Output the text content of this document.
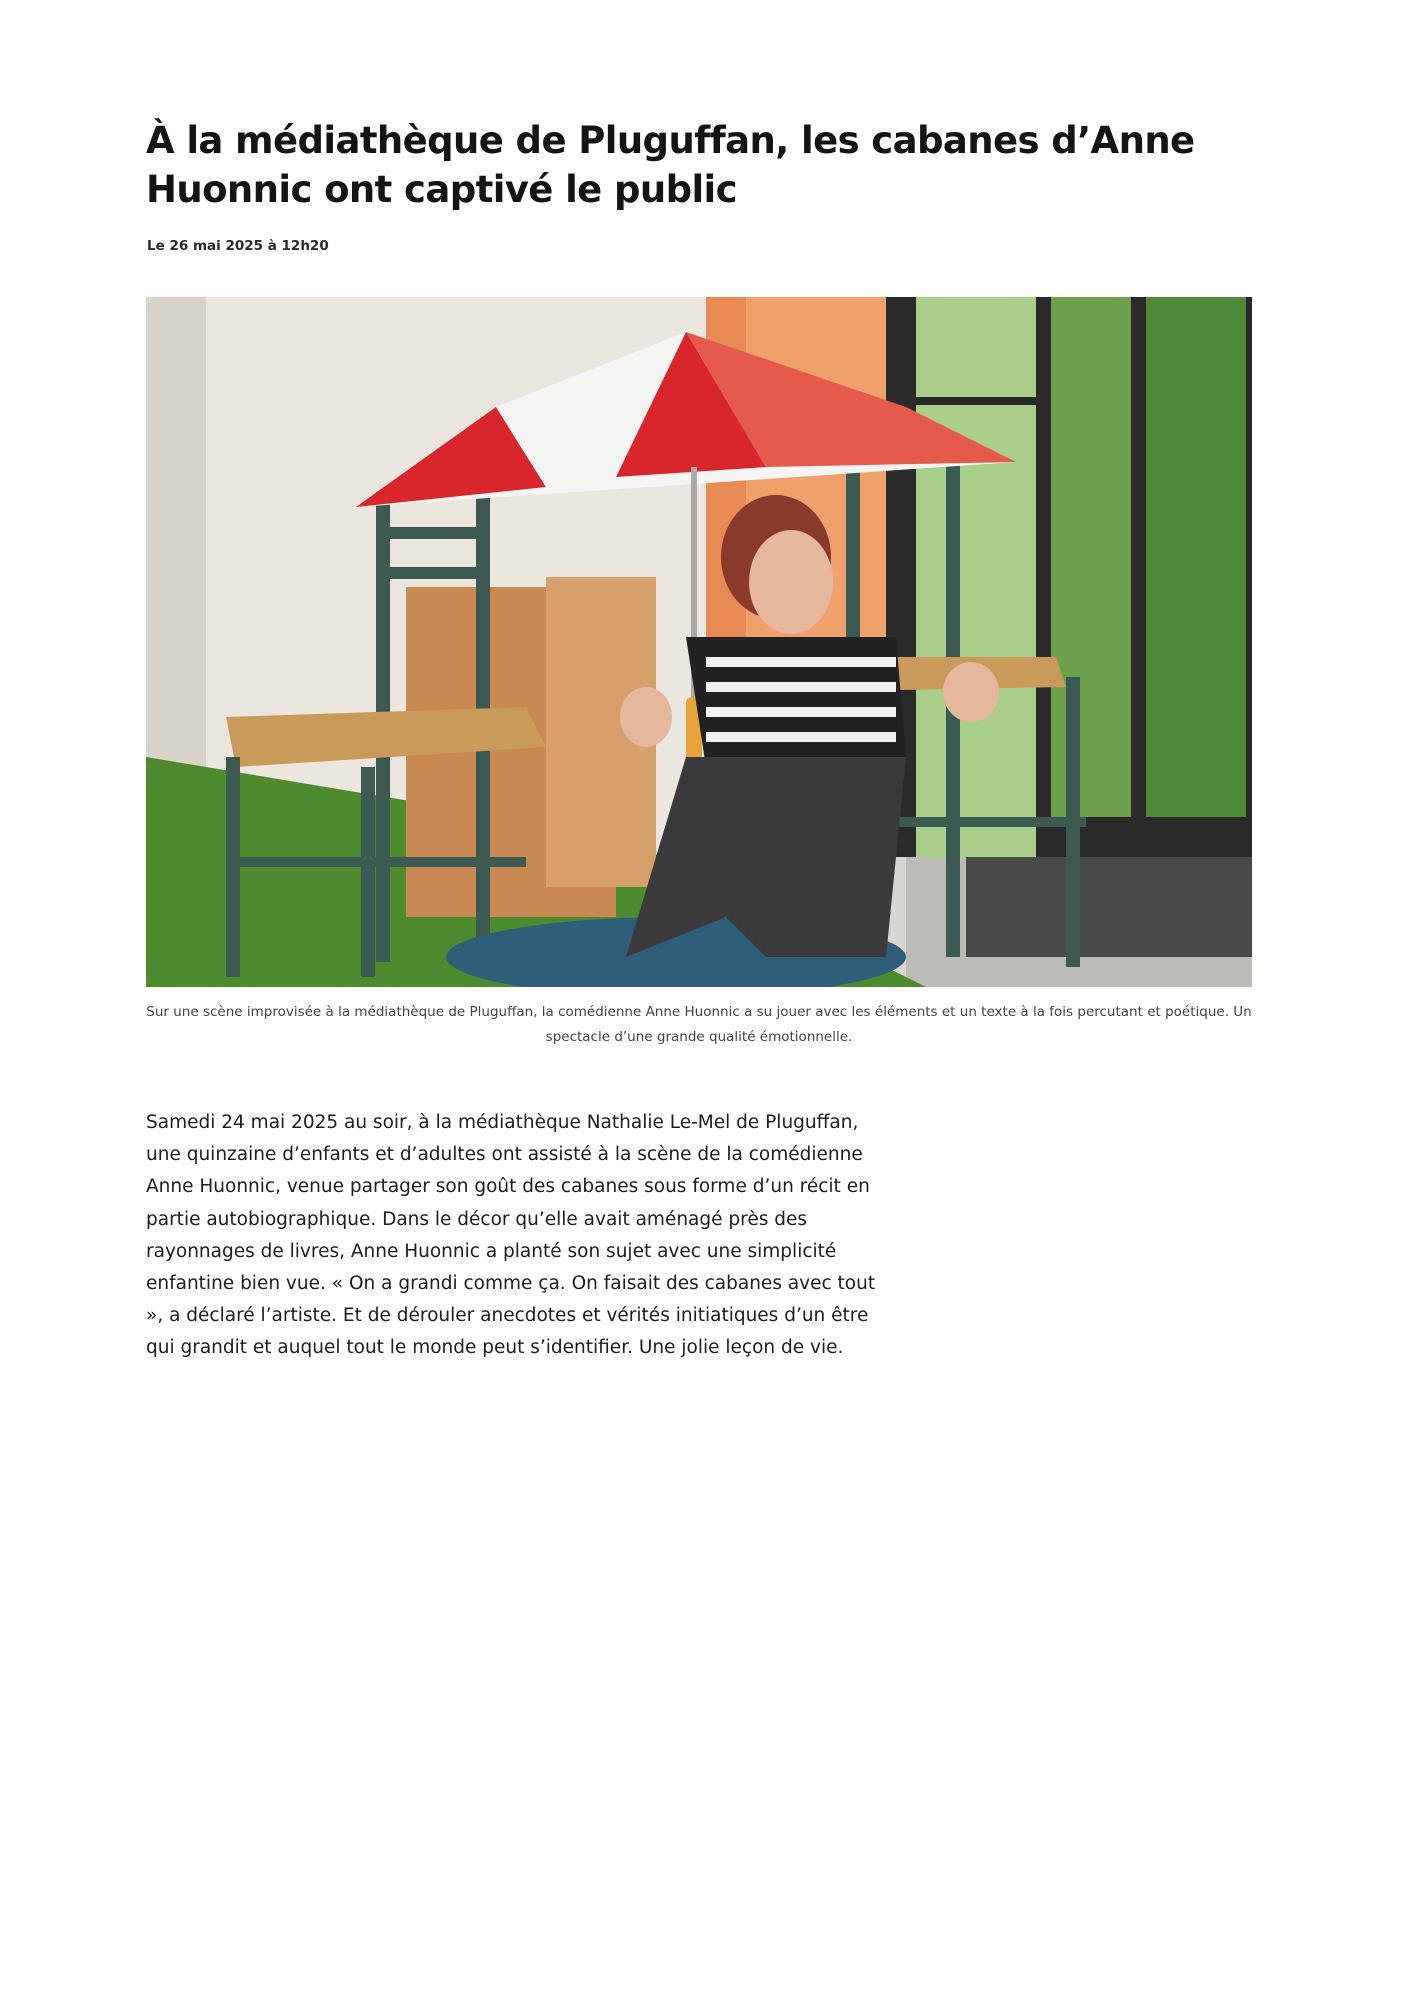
À la médiathèque de Pluguffan, les cabanes d’Anne Huonnic ont captivé le public
Le 26 mai 2025 à 12h20
Sur une scène improvisée à la médiathèque de Pluguffan, la comédienne Anne Huonnic a su jouer avec les éléments et un texte à la fois percutant et poétique. Un spectacle d’une grande qualité émotionnelle.

Samedi 24 mai 2025 au soir, à la médiathèque Nathalie Le-Mel de Pluguffan, une quinzaine d’enfants et d’adultes ont assisté à la scène de la comédienne Anne Huonnic, venue partager son goût des cabanes sous forme d’un récit en partie autobiographique. Dans le décor qu’elle avait aménagé près des rayonnages de livres, Anne Huonnic a planté son sujet avec une simplicité enfantine bien vue. « On a grandi comme ça. On faisait des cabanes avec tout », a déclaré l’artiste. Et de dérouler anecdotes et vérités initiatiques d’un être qui grandit et auquel tout le monde peut s’identifier. Une jolie leçon de vie.
